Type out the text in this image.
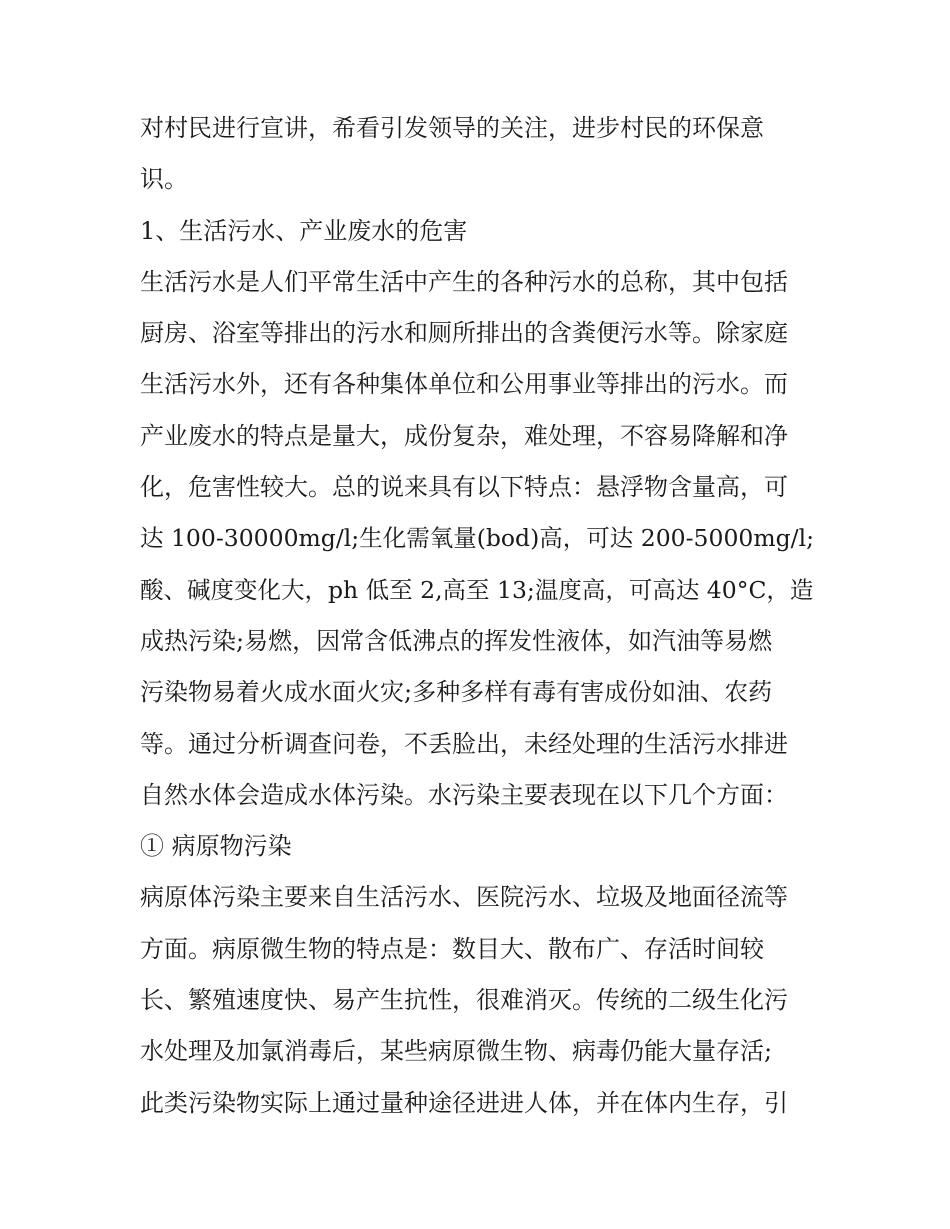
对村民进行宣讲，希看引发领导的关注，进步村民的环保意
识。
1、生活污水、产业废水的危害
生活污水是人们平常生活中产生的各种污水的总称，其中包括
厨房、浴室等排出的污水和厕所排出的含粪便污水等。除家庭
生活污水外，还有各种集体单位和公用事业等排出的污水。而
产业废水的特点是量大，成份复杂，难处理，不容易降解和净
化，危害性较大。总的说来具有以下特点：悬浮物含量高，可
达 100-30000mg/l;生化需氧量(bod)高，可达 200-5000mg/l;
酸、碱度变化大，ph 低至 2,高至 13;温度高，可高达 40°C，造
成热污染;易燃，因常含低沸点的挥发性液体，如汽油等易燃
污染物易着火成水面火灾;多种多样有毒有害成份如油、农药
等。通过分析调查问卷，不丢脸出，未经处理的生活污水排进
自然水体会造成水体污染。水污染主要表现在以下几个方面：
① 病原物污染
病原体污染主要来自生活污水、医院污水、垃圾及地面径流等
方面。病原微生物的特点是：数目大、散布广、存活时间较
长、繁殖速度快、易产生抗性，很难消灭。传统的二级生化污
水处理及加氯消毒后，某些病原微生物、病毒仍能大量存活;
此类污染物实际上通过量种途径进进人体，并在体内生存，引
